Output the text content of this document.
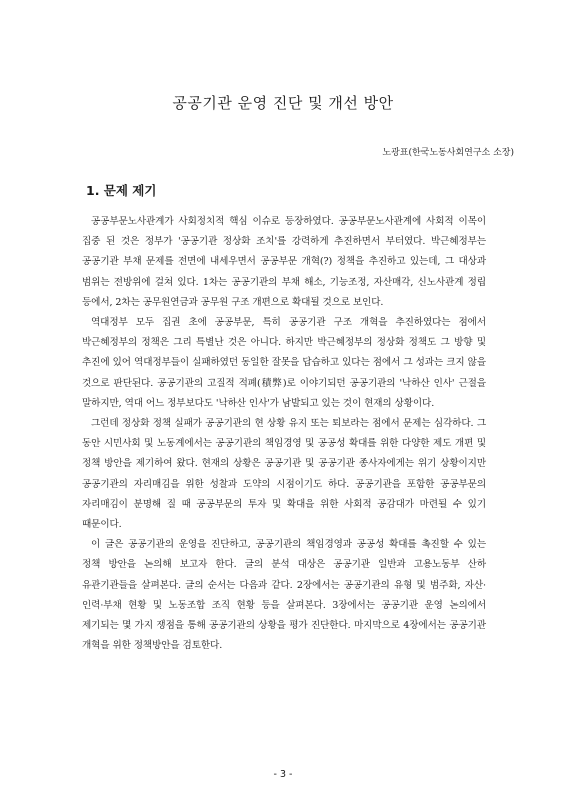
공공기관 운영 진단 및 개선 방안
노광표(한국노동사회연구소 소장)
1. 문제 제기

공공부문노사관계가 사회정치적 핵심 이슈로 등장하였다. 공공부문노사관계에 사회적 이목이 집중 된 것은 정부가 '공공기관 정상화 조치'를 강력하게 추진하면서 부터였다. 박근혜정부는 공공기관 부채 문제를 전면에 내세우면서 공공부문 개혁(?) 정책을 추진하고 있는데, 그 대상과 범위는 전방위에 걸쳐 있다. 1차는 공공기관의 부채 해소, 기능조정, 자산매각, 신노사관계 정립 등에서, 2차는 공무원연금과 공무원 구조 개편으로 확대될 것으로 보인다.

역대정부 모두 집권 초에 공공부문, 특히 공공기관 구조 개혁을 추진하였다는 점에서 박근혜정부의 정책은 그리 특별난 것은 아니다. 하지만 박근혜정부의 정상화 정책도 그 방향 및 추진에 있어 역대정부들이 실패하였던 동일한 잘못을 답습하고 있다는 점에서 그 성과는 크지 않을 것으로 판단된다. 공공기관의 고질적 적폐(積弊)로 이야기되던 공공기관의 '낙하산 인사' 근절을 말하지만, 역대 어느 정부보다도 '낙하산 인사'가 남발되고 있는 것이 현재의 상황이다.

그런데 정상화 정책 실패가 공공기관의 현 상황 유지 또는 퇴보라는 점에서 문제는 심각하다. 그 동안 시민사회 및 노동계에서는 공공기관의 책임경영 및 공공성 확대를 위한 다양한 제도 개편 및 정책 방안을 제기하여 왔다. 현재의 상황은 공공기관 및 공공기관 종사자에게는 위기 상황이지만 공공기관의 자리매김을 위한 성찰과 도약의 시점이기도 하다. 공공기관을 포함한 공공부문의 자리매김이 분명해 질 때 공공부문의 투자 및 확대을 위한 사회적 공감대가 마련될 수 있기 때문이다.

이 글은 공공기관의 운영을 진단하고, 공공기관의 책임경영과 공공성 확대를 촉진할 수 있는 정책 방안을 논의해 보고자 한다. 글의 분석 대상은 공공기관 일반과 고용노동부 산하 유관기관들을 살펴본다. 글의 순서는 다음과 같다. 2장에서는 공공기관의 유형 및 범주화, 자산·인력·부채 현황 및 노동조합 조직 현황 등을 살펴본다. 3장에서는 공공기관 운영 논의에서 제기되는 몇 가지 쟁점을 통해 공공기관의 상황을 평가 진단한다. 마지막으로 4장에서는 공공기관 개혁을 위한 정책방안을 검토한다.

- 3 -
